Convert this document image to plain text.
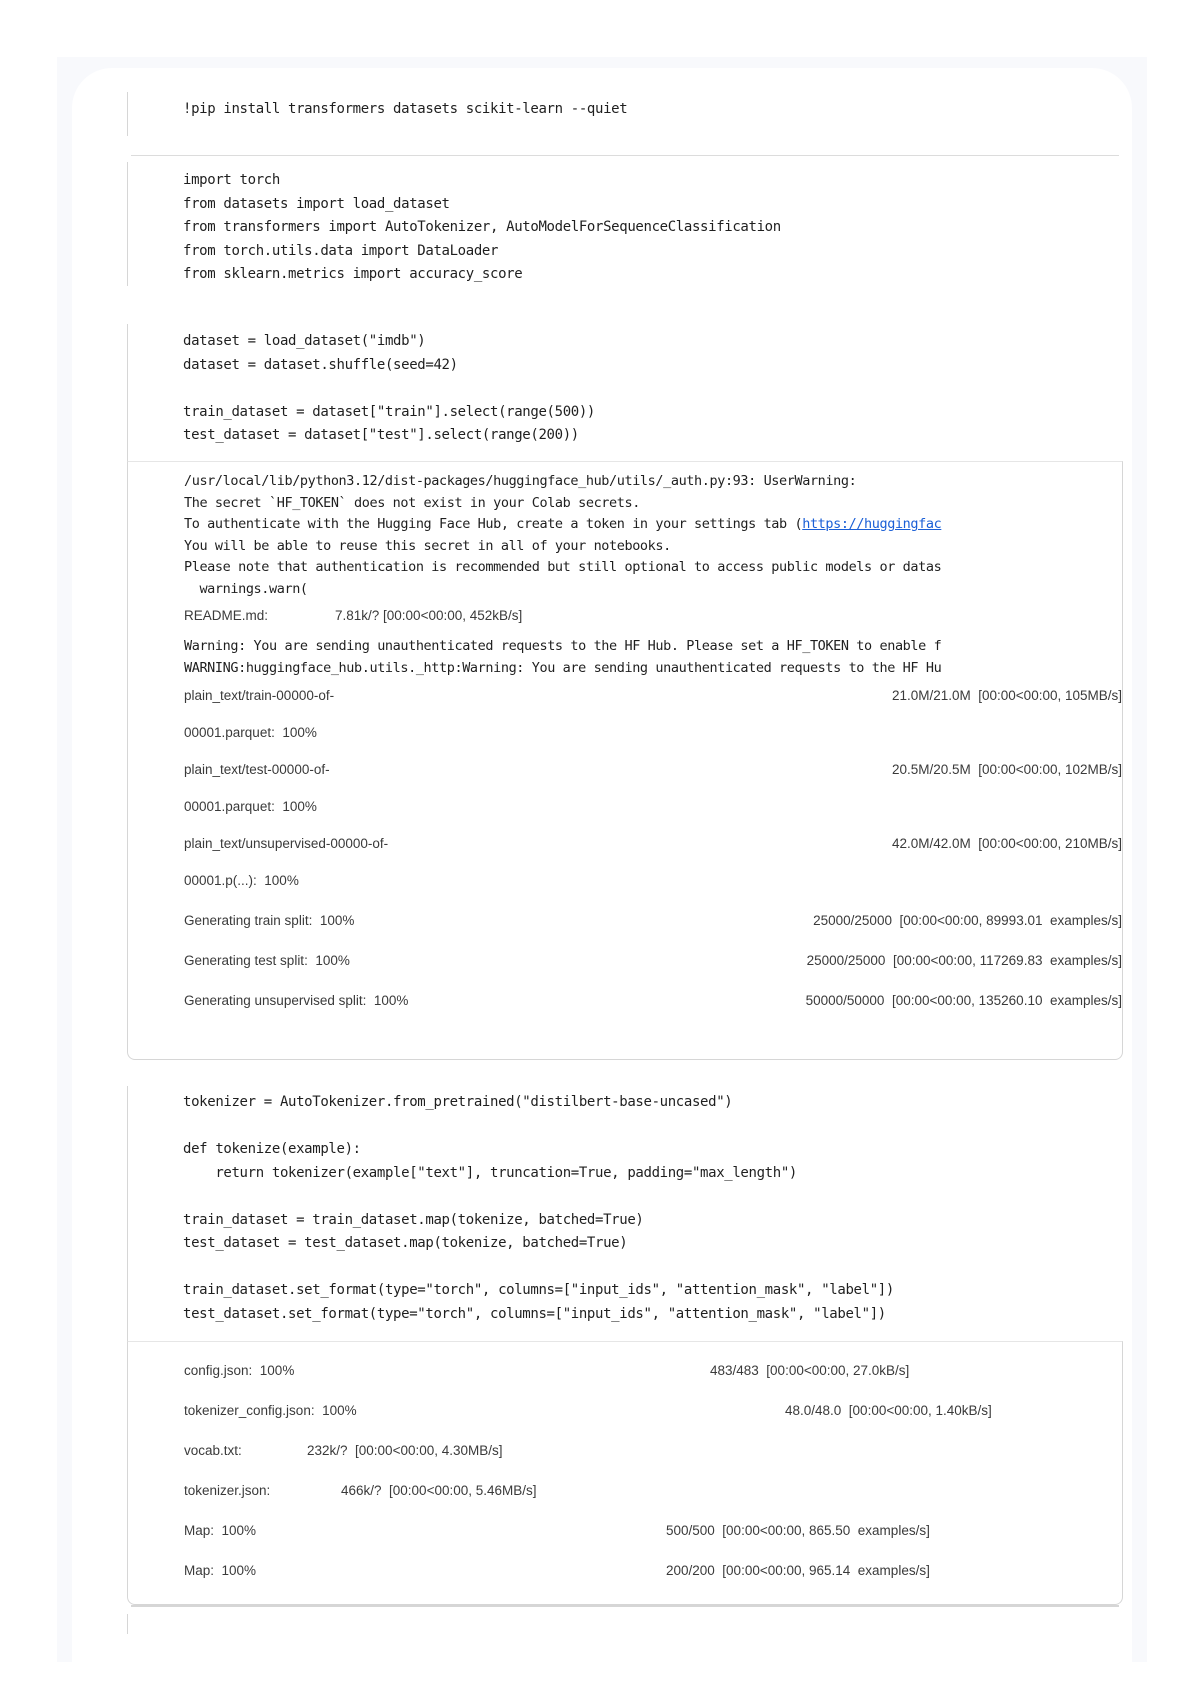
!pip install transformers datasets scikit-learn --quiet
import torch
from datasets import load_dataset
from transformers import AutoTokenizer, AutoModelForSequenceClassification
from torch.utils.data import DataLoader
from sklearn.metrics import accuracy_score
dataset = load_dataset("imdb")
dataset = dataset.shuffle(seed=42)
train_dataset = dataset["train"].select(range(500))
test_dataset = dataset["test"].select(range(200))
/usr/local/lib/python3.12/dist-packages/huggingface_hub/utils/_auth.py:93: UserWarning:
The secret `HF_TOKEN` does not exist in your Colab secrets.
To authenticate with the Hugging Face Hub, create a token in your settings tab (https://huggingfac
You will be able to reuse this secret in all of your notebooks.
Please note that authentication is recommended but still optional to access public models or datas
warnings.warn(

README.md:

	7.81k/? [00:00<00:00, 452kB/s]

Warning: You are sending unauthenticated requests to the HF Hub. Please set a HF_TOKEN to enable f
WARNING:huggingface_hub.utils._http:Warning: You are sending unauthenticated requests to the HF Hu

plain_text/train-00000-of-

	21.0M/21.0M  [00:00<00:00, 105MB/s]

00001.parquet:  100%

plain_text/test-00000-of-

	20.5M/20.5M  [00:00<00:00, 102MB/s]

00001.parquet:  100%

plain_text/unsupervised-00000-of-

	42.0M/42.0M  [00:00<00:00, 210MB/s]

00001.p(...):  100%

Generating train split:  100%

	25000/25000  [00:00<00:00, 89993.01  examples/s]

Generating test split:  100%

	25000/25000  [00:00<00:00, 117269.83  examples/s]

Generating unsupervised split:  100%

	50000/50000  [00:00<00:00, 135260.10  examples/s]

tokenizer = AutoTokenizer.from_pretrained("distilbert-base-uncased")
def tokenize(example):
return tokenizer(example["text"], truncation=True, padding="max_length")
train_dataset = train_dataset.map(tokenize, batched=True)
test_dataset = test_dataset.map(tokenize, batched=True)
train_dataset.set_format(type="torch", columns=["input_ids", "attention_mask", "label"])
test_dataset.set_format(type="torch", columns=["input_ids", "attention_mask", "label"])

config.json:  100%

	483/483  [00:00<00:00, 27.0kB/s]

tokenizer_config.json:  100%

	48.0/48.0  [00:00<00:00, 1.40kB/s]

vocab.txt:

	232k/?  [00:00<00:00, 4.30MB/s]

tokenizer.json:

	466k/?  [00:00<00:00, 5.46MB/s]

Map:  100%

	500/500  [00:00<00:00, 865.50  examples/s]

Map:  100%

	200/200  [00:00<00:00, 965.14  examples/s]
